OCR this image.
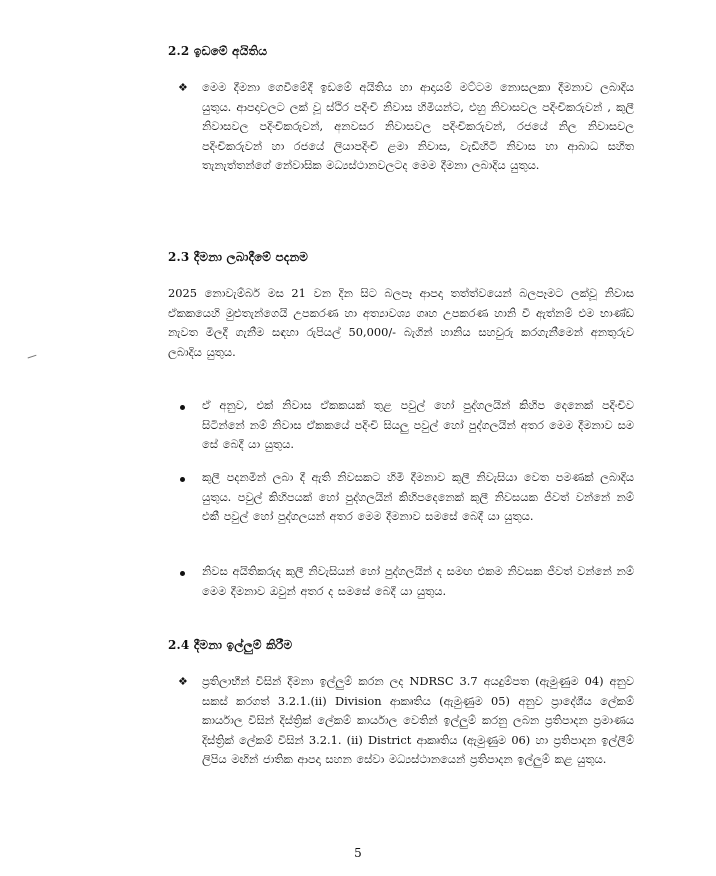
2.2 ඉඩමේ අයිතිය
❖ මෙම දීමනා ගෙවීමේදී ඉඩමේ අයිතිය හා ආදායම් මට්ටම නොසලකා දීමනාව ලබාදිය යුතුය. ආපදාවලට ලක් වූ ස්ථිර පදිංචි නිවාස හිමියන්ට, එහු නිවාසවල පදිංචිකරුවන් , කුලී නිවාසවල පදිංචිකරුවන්, අනවසර නිවාසවල පදිංචිකරුවන්, රජයේ නිල නිවාසවල පදිංචිකරුවන් හා රජයේ ලියාපදිංචි ළමා නිවාස, වැඩිහිටි නිවාස හා ආබාධ සහිත තැනැත්තන්ගේ නේවාසික මධ්‍යස්ථානවලටද මෙම දීමනා ලබාදිය යුතුය.
2.3 දීමනා ලබාදීමේ පදනම
2025 නොවැම්බර් මස 21 වන දින සිට බලපෑ ආපදා තත්ත්වයෙන් බලපෑමට ලක්වූ නිවාස ඒකකයෙහි මුළුතැන්ගෙයි උපකරණ හා අත්‍යාවශ්‍ය ගෘහ උපකරණ හානි වී ඇත්නම් එම භාණ්ඩ නැවත මිලදී ගැනීම සඳහා රුපියල් 50,000/- බැගින් හානිය සහවුරු කරගැනීමෙන් අනතුරුව ලබාදිය යුතුය.
ඒ අනුව, එක් නිවාස ඒකකයක් තුළ පවුල් හෝ පුද්ගලයින් කිහිප දෙනෙක් පදිංචිව සිටින්නේ නම් නිවාස ඒකකයේ පදිංචි සියලු පවුල් හෝ පුද්ගලයින් අතර මෙම දීමනාව සම සේ බෙදී යා යුතුය.
කුලී පදනමින් ලබා දී ඇති නිවසකට හිමි දීමනාව කුලී නිවැසියා වෙත පමණක් ලබාදිය යුතුය. පවුල් කිහිපයක් හෝ පුද්ගලයින් කිහිපදෙනෙක් කුලී නිවසයක ජීවත් වන්නේ නම් එකී පවුල් හෝ පුද්ගලයන් අතර මෙම දීමනාව සමසේ බෙදී යා යුතුය.
නිවස අයිතිකරුද කුලී නිවැසියන් හෝ පුද්ගලයින් ද සමඟ එකම නිවසක ජීවත් වන්නේ නම් මෙම දීමනාව ඔවුන් අතර ද සමසේ බෙදී යා යුතුය.
2.4 දීමනා ඉල්ලුම් කිරීම
❖ ප්‍රතිලාභීන් විසින් දීමනා ඉල්ලුම් කරන ලද NDRSC 3.7 අයදුම්පත (ඇමුණුම 04) අනුව සකස් කරගත් 3.2.1.(ii) Division ආකෘතිය (ඇමුණුම 05) අනුව ප්‍රාදේශීය ලේකම් කාර්යාල විසින් දිස්ත්‍රික් ලේකම් කාර්යාල වෙතින් ඉල්ලුම් කරනු ලබන ප්‍රතිපාදන ප්‍රමාණය දිස්ත්‍රික් ලේකම් විසින් 3.2.1. (ii) District ආකෘතිය (ඇමුණුම 06) හා ප්‍රතිපාදන ඉල්ලීම් ලිපිය මඟින් ජාතික ආපදා සහන සේවා මධ්‍යස්ථානයෙන් ප්‍රතිපාදන ඉල්ලුම් කළ යුතුය.
5
